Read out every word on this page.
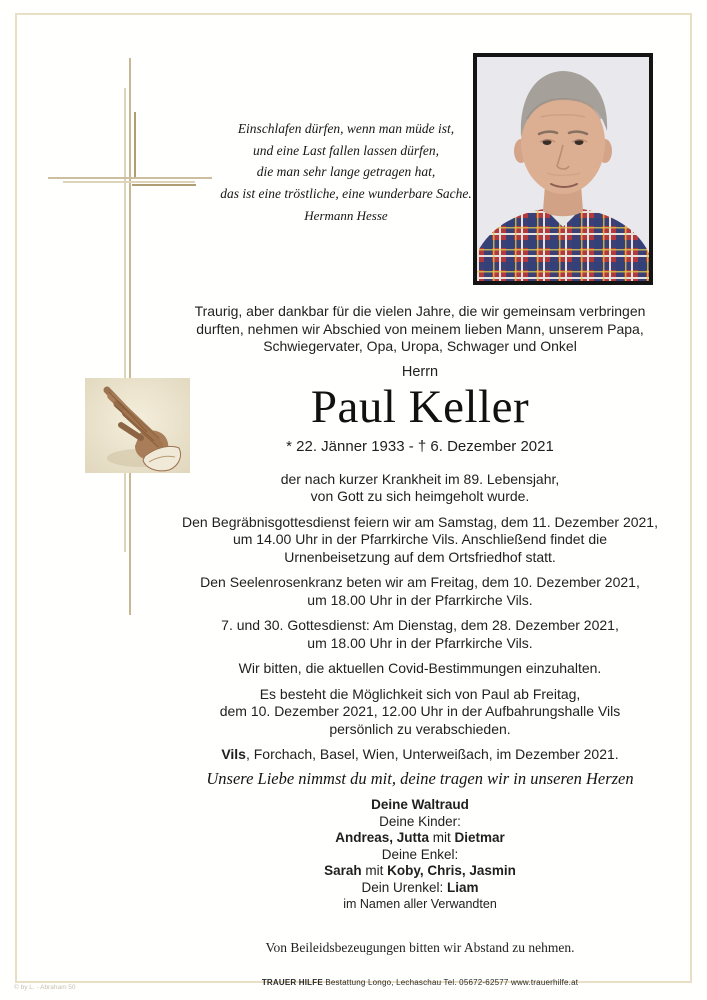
Einschlafen dürfen, wenn man müde ist,
und eine Last fallen lassen dürfen,
die man sehr lange getragen hat,
das ist eine tröstliche, eine wunderbare Sache.
Hermann Hesse
Traurig, aber dankbar für die vielen Jahre, die wir gemeinsam verbringen
durften, nehmen wir Abschied von meinem lieben Mann, unserem Papa,
Schwiegervater, Opa, Uropa, Schwager und Onkel
Herrn
Paul Keller
* 22. Jänner 1933 - † 6. Dezember 2021

der nach kurzer Krankheit im 89. Lebensjahr,
von Gott zu sich heimgeholt wurde.

Den Begräbnisgottesdienst feiern wir am Samstag, dem 11. Dezember 2021,
um 14.00 Uhr in der Pfarrkirche Vils. Anschließend findet die
Urnenbeisetzung auf dem Ortsfriedhof statt.

Den Seelenrosenkranz beten wir am Freitag, dem 10. Dezember 2021,
um 18.00 Uhr in der Pfarrkirche Vils.

7. und 30. Gottesdienst: Am Dienstag, dem 28. Dezember 2021,
um 18.00 Uhr in der Pfarrkirche Vils.

Wir bitten, die aktuellen Covid-Bestimmungen einzuhalten.

Es besteht die Möglichkeit sich von Paul ab Freitag,
dem 10. Dezember 2021, 12.00 Uhr in der Aufbahrungshalle Vils
persönlich zu verabschieden.

Vils, Forchach, Basel, Wien, Unterweißach, im Dezember 2021.
Unsere Liebe nimmst du mit, deine tragen wir in unseren Herzen
Deine Waltraud
Deine Kinder:
Andreas, Jutta mit Dietmar
Deine Enkel:
Sarah mit Koby, Chris, Jasmin
Dein Urenkel: Liam
im Namen aller Verwandten
Von Beileidsbezeugungen bitten wir Abstand zu nehmen.
TRAUER HILFE Bestattung Longo, Lechaschau Tel. 05672-62577 www.trauerhilfe.at
© by L. - Abraham 50
